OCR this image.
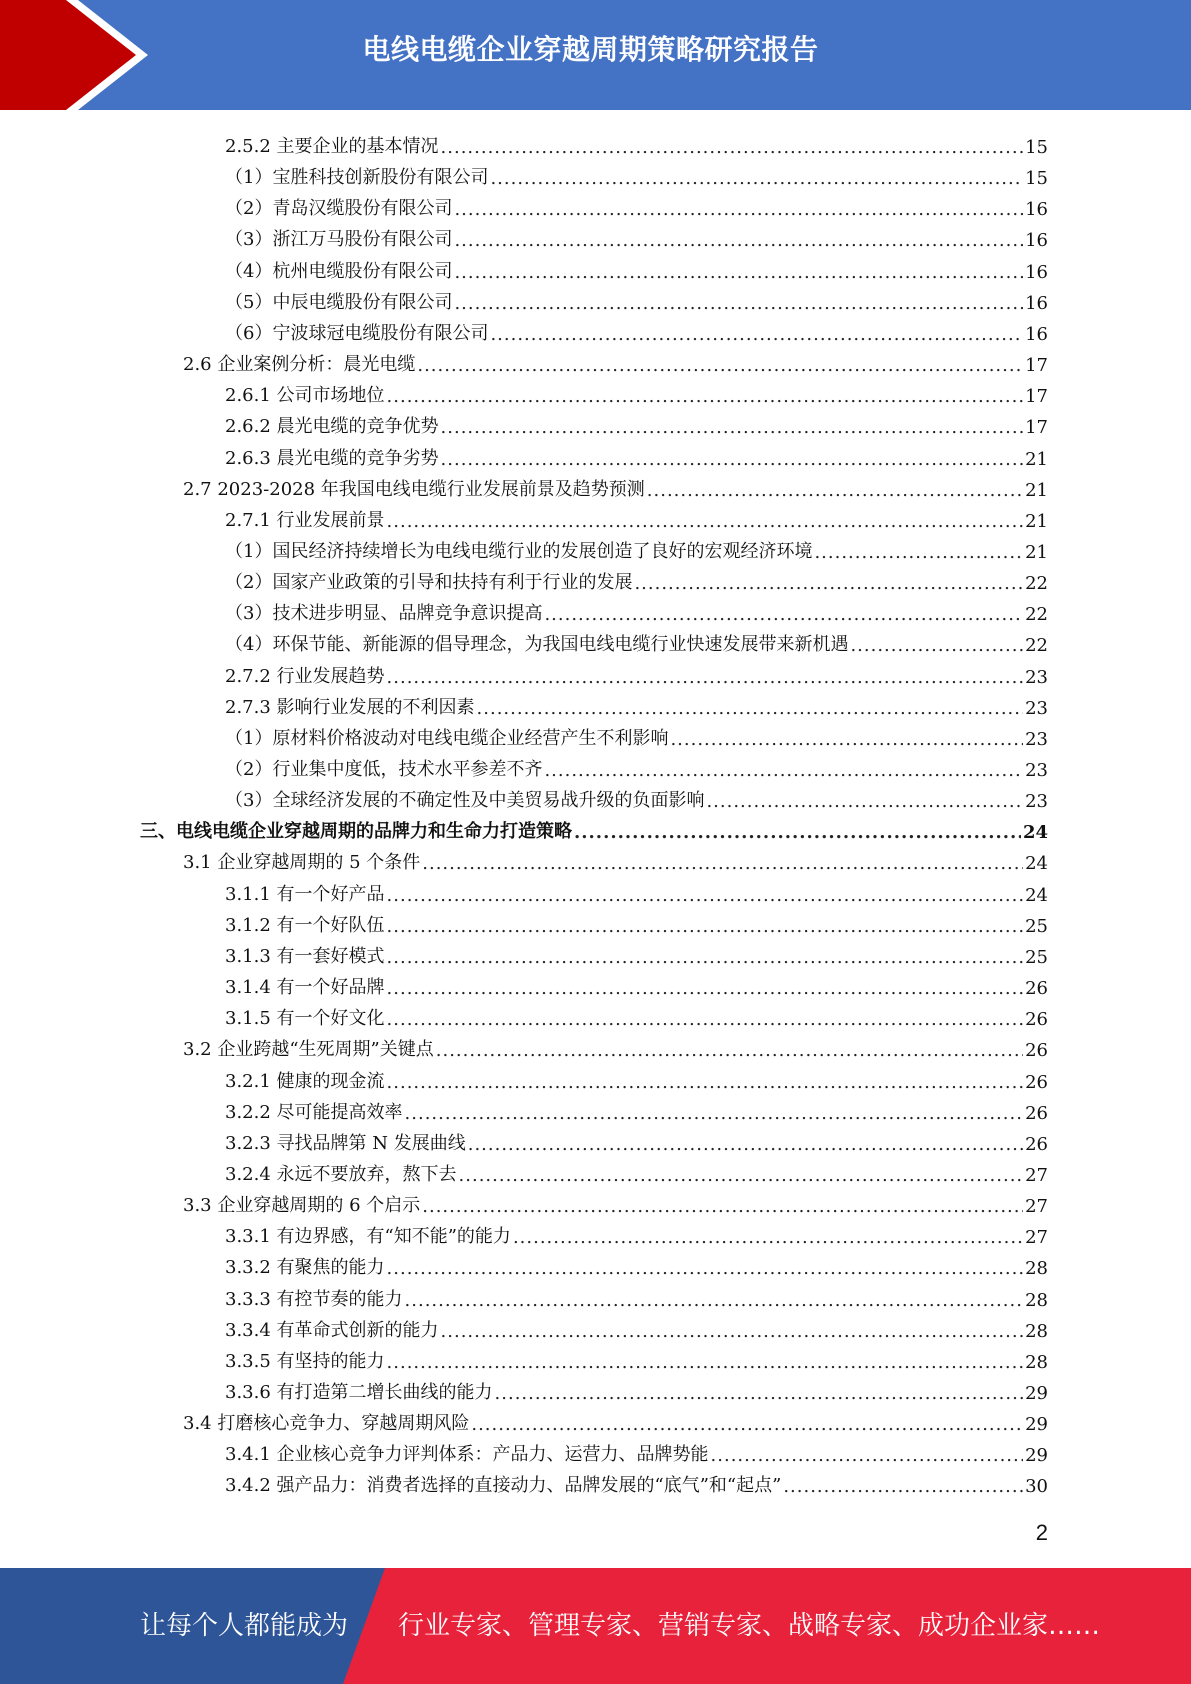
电线电缆企业穿越周期策略研究报告
2.5.2 主要企业的基本情况 .....	15
（1）宝胜科技创新股份有限公司 .....	15
（2）青岛汉缆股份有限公司 .....	16
（3）浙江万马股份有限公司 .....	16
（4）杭州电缆股份有限公司 .....	16
（5）中辰电缆股份有限公司 .....	16
（6）宁波球冠电缆股份有限公司 .....	16
2.6 企业案例分析：晨光电缆 .....	17
2.6.1 公司市场地位 .....	17
2.6.2 晨光电缆的竞争优势 .....	17
2.6.3 晨光电缆的竞争劣势 .....	21
2.7 2023-2028 年我国电线电缆行业发展前景及趋势预测 .....	21
2.7.1 行业发展前景 .....	21
（1）国民经济持续增长为电线电缆行业的发展创造了良好的宏观经济环境 .....	21
（2）国家产业政策的引导和扶持有利于行业的发展 .....	22
（3）技术进步明显、品牌竞争意识提高 .....	22
（4）环保节能、新能源的倡导理念，为我国电线电缆行业快速发展带来新机遇 .....	22
2.7.2 行业发展趋势 .....	23
2.7.3 影响行业发展的不利因素 .....	23
（1）原材料价格波动对电线电缆企业经营产生不利影响 .....	23
（2）行业集中度低，技术水平参差不齐 .....	23
（3）全球经济发展的不确定性及中美贸易战升级的负面影响 .....	23
三、电线电缆企业穿越周期的品牌力和生命力打造策略 .....	24
3.1 企业穿越周期的 5 个条件 .....	24
3.1.1 有一个好产品 .....	24
3.1.2 有一个好队伍 .....	25
3.1.3 有一套好模式 .....	25
3.1.4 有一个好品牌 .....	26
3.1.5 有一个好文化 .....	26
3.2 企业跨越“生死周期”关键点 .....	26
3.2.1 健康的现金流 .....	26
3.2.2 尽可能提高效率 .....	26
3.2.3 寻找品牌第 N 发展曲线 .....	26
3.2.4 永远不要放弃，熬下去 .....	27
3.3 企业穿越周期的 6 个启示 .....	27
3.3.1 有边界感，有“知不能”的能力 .....	27
3.3.2 有聚焦的能力 .....	28
3.3.3 有控节奏的能力 .....	28
3.3.4 有革命式创新的能力 .....	28
3.3.5 有坚持的能力 .....	28
3.3.6 有打造第二增长曲线的能力 .....	29
3.4 打磨核心竞争力、穿越周期风险 .....	29
3.4.1 企业核心竞争力评判体系：产品力、运营力、品牌势能 .....	29
3.4.2 强产品力：消费者选择的直接动力、品牌发展的“底气”和“起点” .....	30
2
让每个人都能成为 行业专家、管理专家、营销专家、战略专家、成功企业家……
